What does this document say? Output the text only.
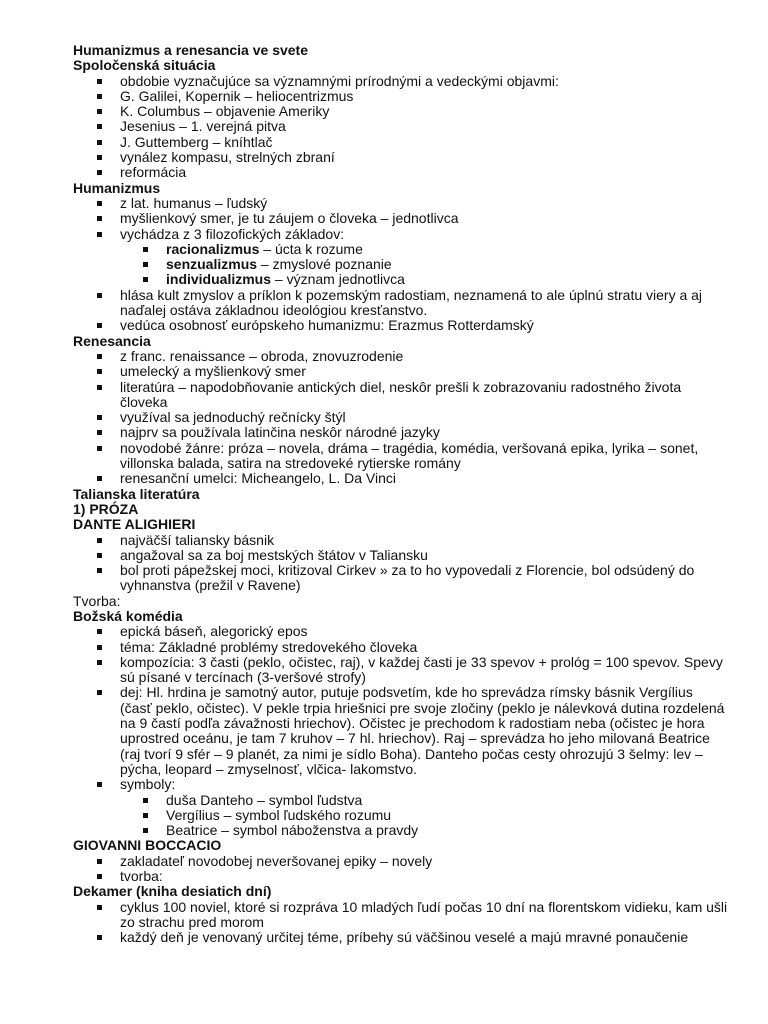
Humanizmus a renesancia ve svete
Spoločenská situácia
obdobie vyznačujúce sa významnými prírodnými a vedeckými objavmi:
G. Galilei, Kopernik – heliocentrizmus
K. Columbus – objavenie Ameriky
Jesenius – 1. verejná pitva
J. Guttemberg – kníhtlač
vynález kompasu, strelných zbraní
reformácia
Humanizmus
z lat. humanus – ľudský
myšlienkový smer, je tu záujem o človeka – jednotlivca
vychádza z 3 filozofických základov:
racionalizmus – úcta k rozume
senzualizmus – zmyslové poznanie
individualizmus – význam jednotlivca
hlása kult zmyslov a príklon k pozemským radostiam, neznamená to ale úplnú stratu viery a aj naďalej ostáva základnou ideológiou kresťanstvo.
vedúca osobnosť európskeho humanizmu: Erazmus Rotterdamský
Renesancia
z franc. renaissance – obroda, znovuzrodenie
umelecký a myšlienkový smer
literatúra – napodobňovanie antických diel, neskôr prešli k zobrazovaniu radostného života človeka
využíval sa jednoduchý rečnícky štýl
najprv sa používala latinčina neskôr národné jazyky
novodobé žánre: próza – novela, dráma – tragédia, komédia, veršovaná epika, lyrika – sonet, villonska balada, satira na stredoveké rytierske romány
renesanční umelci: Micheangelo, L. Da Vinci
Talianska literatúra
1) PRÓZA
DANTE ALIGHIERI
najväčší taliansky básnik
angažoval sa za boj mestských štátov v Taliansku
bol proti pápežskej moci, kritizoval Cirkev » za to ho vypovedali z Florencie, bol odsúdený do vyhnanstva (prežil v Ravene)
Tvorba:
Božská komédia
epická báseň, alegorický epos
téma: Základné problémy stredovekého človeka
kompozícia: 3 časti (peklo, očistec, raj), v každej časti je 33 spevov + prológ = 100 spevov. Spevy sú písané v tercínach (3-veršové strofy)
dej: Hl. hrdina je samotný autor, putuje podsvetím, kde ho sprevádza rímsky básnik Vergílius (časť peklo, očistec). V pekle trpia hriešnici pre svoje zločiny (peklo je nálevková dutina rozdelená na 9 častí podľa závažnosti hriechov). Očistec je prechodom k radostiam neba (očistec je hora uprostred oceánu, je tam 7 kruhov – 7 hl. hriechov). Raj – sprevádza ho jeho milovaná Beatrice (raj tvorí 9 sfér – 9 planét, za nimi je sídlo Boha). Danteho počas cesty ohrozujú 3 šelmy: lev – pýcha, leopard – zmyselnosť, vlčica- lakomstvo.
symboly:
duša Danteho – symbol ľudstva
Vergílius – symbol ľudského rozumu
Beatrice – symbol náboženstva a pravdy
GIOVANNI BOCCACIO
zakladateľ novodobej neveršovanej epiky – novely
tvorba:
Dekamer (kniha desiatich dní)
cyklus 100 noviel, ktoré si rozpráva 10 mladých ľudí počas 10 dní na florentskom vidieku, kam ušli zo strachu pred morom
každý deň je venovaný určitej téme, príbehy sú väčšinou veselé a majú mravné ponaučenie
